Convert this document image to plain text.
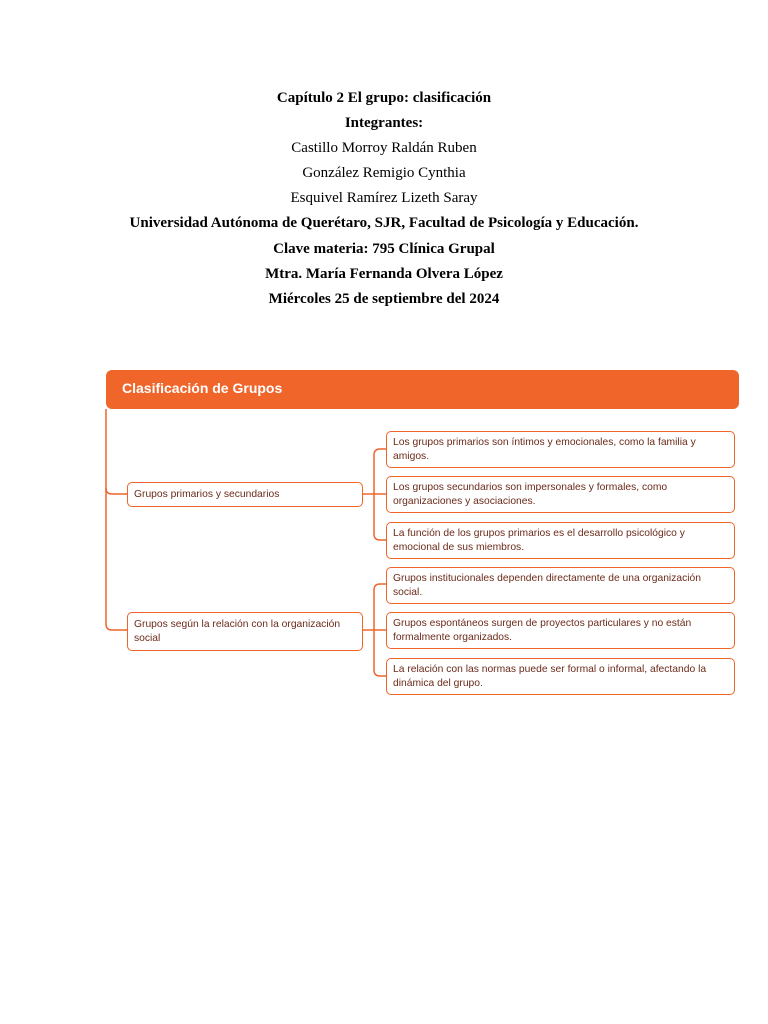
Capítulo 2 El grupo: clasificación
Integrantes:
Castillo Morroy Raldán Ruben
González Remigio Cynthia
Esquivel Ramírez Lizeth Saray
Universidad Autónoma de Querétaro, SJR, Facultad de Psicología y Educación.
Clave materia: 795 Clínica Grupal
Mtra. María Fernanda Olvera López
Miércoles 25 de septiembre del 2024
Clasificación de Grupos
Grupos primarios y secundarios
Los grupos primarios son íntimos y emocionales, como la familia y amigos.
Los grupos secundarios son impersonales y formales, como organizaciones y asociaciones.
La función de los grupos primarios es el desarrollo psicológico y emocional de sus miembros.
Grupos según la relación con la organización social
Grupos institucionales dependen directamente de una organización social.
Grupos espontáneos surgen de proyectos particulares y no están formalmente organizados.
La relación con las normas puede ser formal o informal, afectando la dinámica del grupo.
